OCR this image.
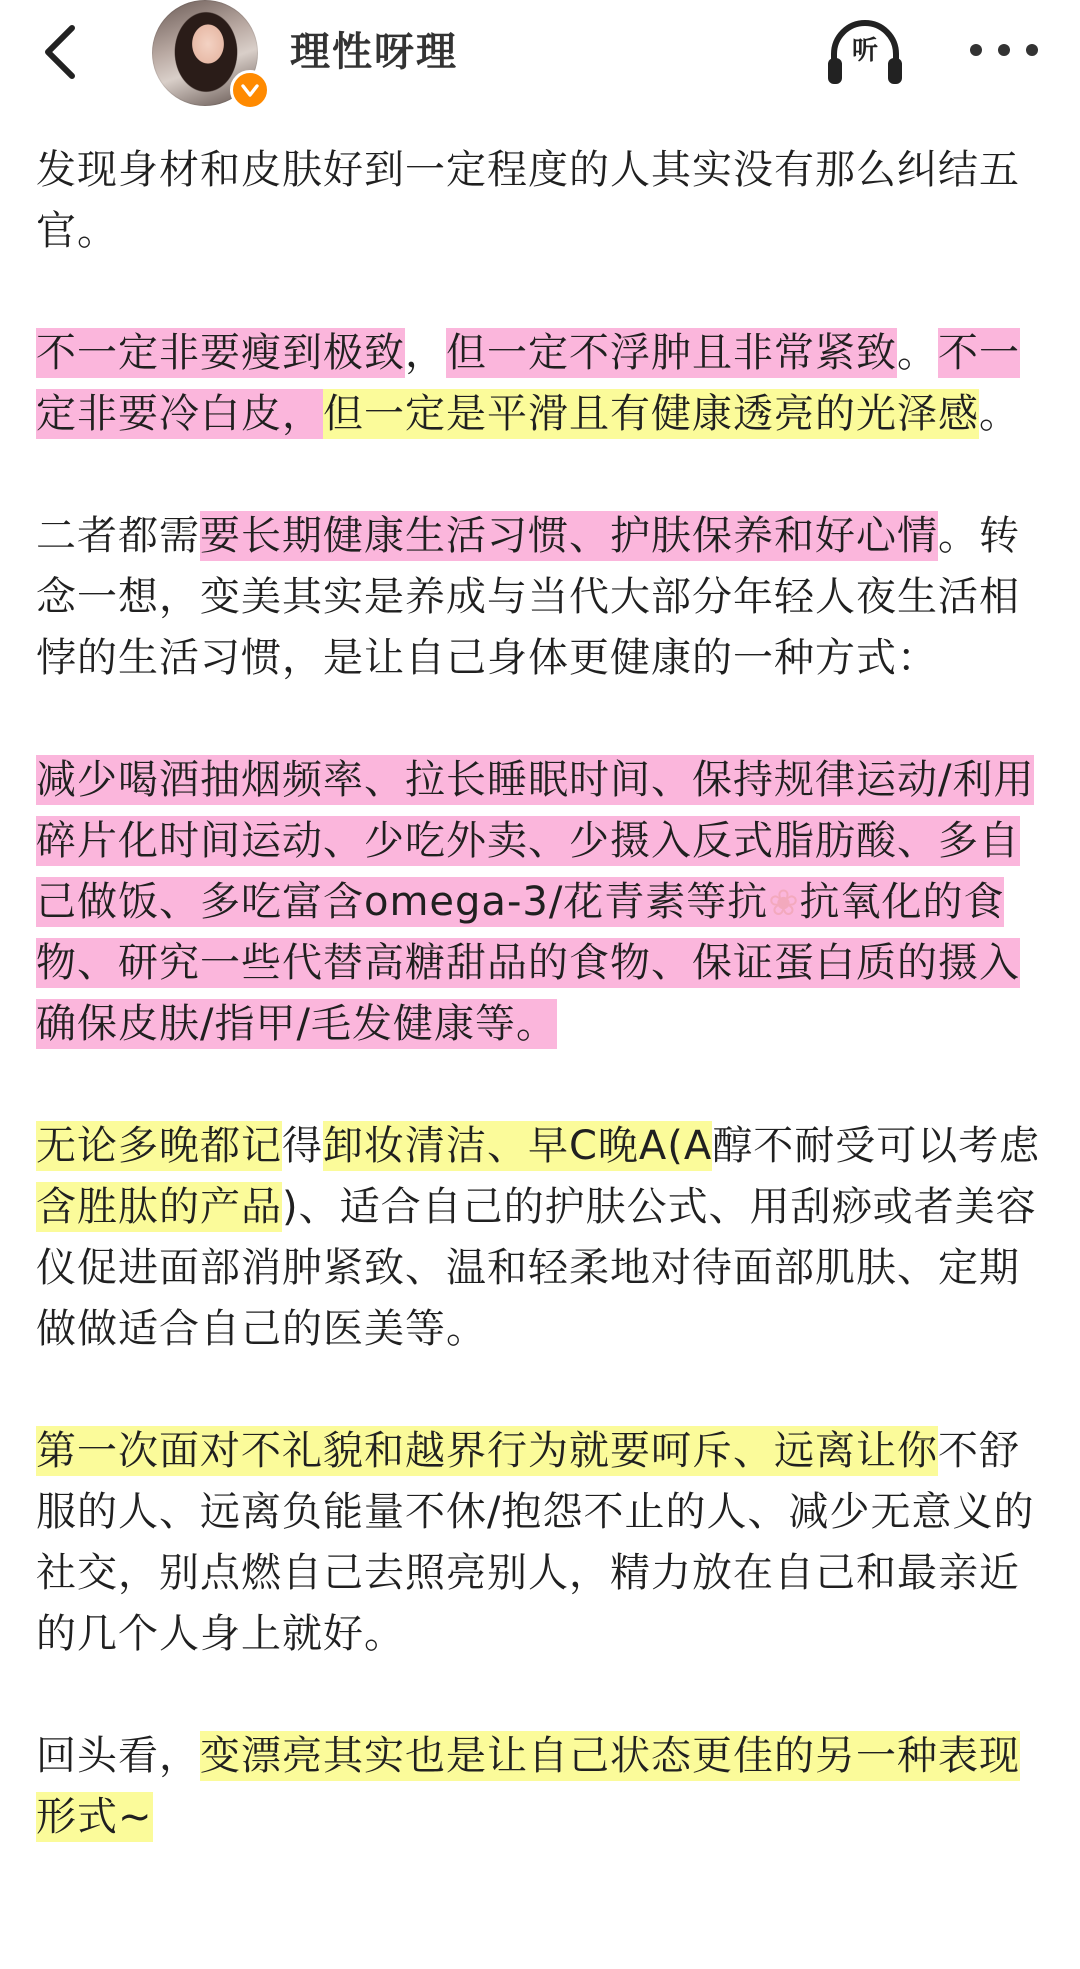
理性呀理	听

发现身材和皮肤好到一定程度的人其实没有那么纠结五官。

不一定非要瘦到极致，但一定不浮肿且非常紧致。不一定非要冷白皮，但一定是平滑且有健康透亮的光泽感。

二者都需要长期健康生活习惯、护肤保养和好心情。转念一想，变美其实是养成与当代大部分年轻人夜生活相悖的生活习惯，是让自己身体更健康的一种方式：

减少喝酒抽烟频率、拉长睡眠时间、保持规律运动/利用碎片化时间运动、少吃外卖、少摄入反式脂肪酸、多自己做饭、多吃富含omega-3/花青素等抗❀抗氧化的食物、研究一些代替高糖甜品的食物、保证蛋白质的摄入确保皮肤/指甲/毛发健康等。

无论多晚都记得卸妆清洁、早C晚A(A醇不耐受可以考虑含胜肽的产品)、适合自己的护肤公式、用刮痧或者美容仪促进面部消肿紧致、温和轻柔地对待面部肌肤、定期做做适合自己的医美等。

第一次面对不礼貌和越界行为就要呵斥、远离让你不舒服的人、远离负能量不休/抱怨不止的人、减少无意义的社交，别点燃自己去照亮别人，精力放在自己和最亲近的几个人身上就好。

回头看，变漂亮其实也是让自己状态更佳的另一种表现形式~
